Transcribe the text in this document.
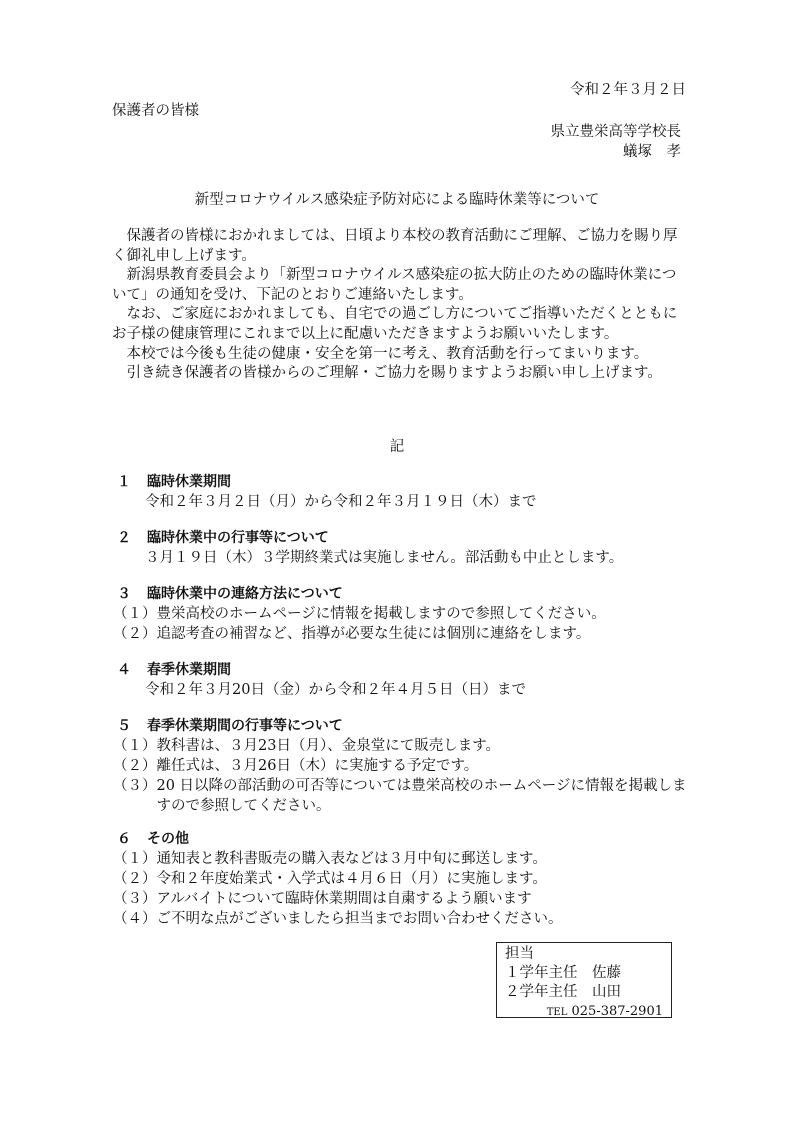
令和２年３月２日
保護者の皆様
県立豊栄高等学校長
蟻塚　孝
新型コロナウイルス感染症予防対応による臨時休業等について

　保護者の皆様におかれましては、日頃より本校の教育活動にご理解、ご協力を賜り厚く御礼申し上げます。

　新潟県教育委員会より「新型コロナウイルス感染症の拡大防止のための臨時休業について」の通知を受け、下記のとおりご連絡いたします。

　なお、ご家庭におかれましても、自宅での過ごし方についてご指導いただくとともにお子様の健康管理にこれまで以上に配慮いただきますようお願いいたします。

　本校では今後も生徒の健康・安全を第一に考え、教育活動を行ってまいります。

　引き続き保護者の皆様からのご理解・ご協力を賜りますようお願い申し上げます。

記
１ 臨時休業期間
令和２年３月２日（月）から令和２年３月１９日（木）まで
２ 臨時休業中の行事等について
３月１９日（木）３学期終業式は実施しません。部活動も中止とします。
３ 臨時休業中の連絡方法について
（１） 豊栄高校のホームページに情報を掲載しますので参照してください。
（２） 追認考査の補習など、指導が必要な生徒には個別に連絡をします。
４ 春季休業期間
令和２年３月20日（金）から令和２年４月５日（日）まで
５ 春季休業期間の行事等について
（１） 教科書は、３月23日（月）、金泉堂にて販売します。
（２） 離任式は、３月26日（木）に実施する予定です。
（３） 20 日以降の部活動の可否等については豊栄高校のホームページに情報を掲載しますので参照してください。
６ その他
（１） 通知表と教科書販売の購入表などは３月中旬に郵送します。
（２） 令和２年度始業式・入学式は４月６日（月）に実施します。
（３） アルバイトについて臨時休業期間は自粛するよう願います
（４） ご不明な点がございましたら担当までお問い合わせください。
担当
１学年主任　佐藤
２学年主任　山田
TEL 025-387-2901
